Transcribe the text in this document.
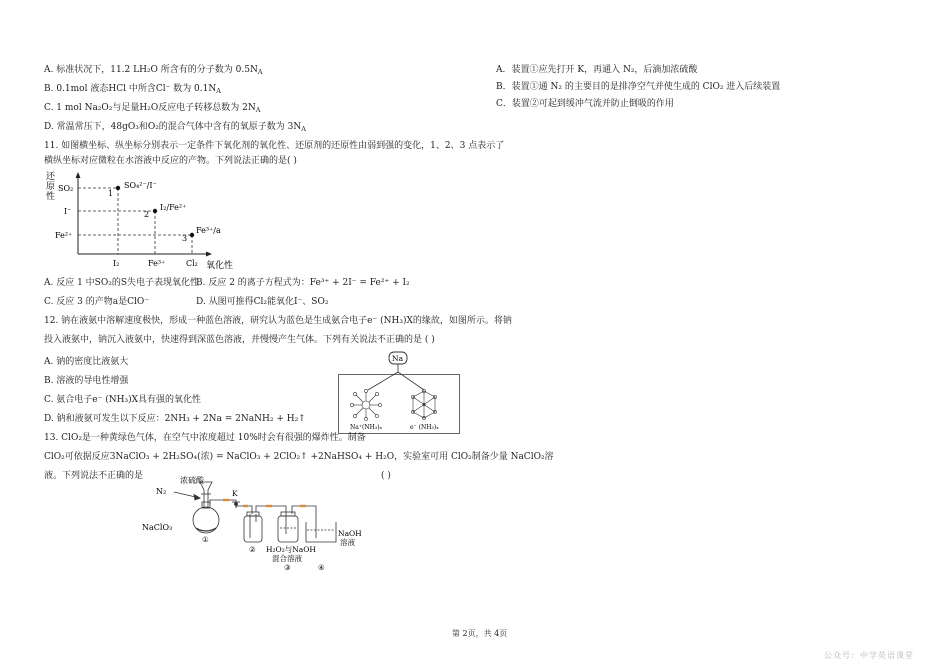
A. 标准状况下，11.2 LH₂O 所含有的分子数为 $0.5N_A$
B. 0.1mol 液态HCl 中所含Cl⁻ 数为 $0.1N_A$
C. 1 mol Na₂O₂与足量H₂O反应电子转移总数为 $2N_A$
D. 常温常压下，48gO₃和O₂的混合气体中含有的氧原子数为 $3N_A$
11. 如图横坐标、纵坐标分别表示一定条件下氧化剂的氧化性、还原剂的还原性由弱到强的变化，1、2、3 点表示了
横纵坐标对应微粒在水溶液中反应的产物。下列说法正确的是( )
还原性	1
2
3
SO₄²⁻/I⁻
I₂/Fe²⁺
Fe³⁺/a
SO₂
I⁻
Fe²⁺
I₂	Fe³⁺	Cl₂ 氧化性
A. 反应 1 中SO₂的S失电子表现氧化性
B. 反应 2 的离子方程式为：Fe³⁺ + 2I⁻ = Fe²⁺ + I₂
C. 反应 3 的产物a是ClO⁻	D. 从图可推得Cl₂能氧化I⁻、SO₂
12. 钠在液氨中溶解速度极快，形成一种蓝色溶液，研究认为蓝色是生成氨合电子e⁻ (NH₃)X的缘故，如图所示。将钠
投入液氨中，钠沉入液氨中，快速得到深蓝色溶液，并慢慢产生气体。下列有关说法不正确的是 ( )
A. 钠的密度比液氨大
B. 溶液的导电性增强
C. 氨合电子e⁻ (NH₃)X具有强的氧化性
D. 钠和液氨可发生以下反应：2NH₃ + 2Na = 2NaNH₂ + H₂↑
Na
Na⁺(NH₃)ₓ	e⁻ (NH₃)ₓ
13. ClO₂是一种黄绿色气体，在空气中浓度超过 10%时会有很强的爆炸性。制备
ClO₂可依据反应3NaClO₃ + 2H₂SO₄(浓) = NaClO₃ + 2ClO₂↑ +2NaHSO₄ + H₂O，实验室可用 ClO₂制备少量 NaClO₂溶
液。下列说法不正确的是	( )
浓硫酸
N₂	K
NaClO₃
①
② H₂O₂与NaOH
混合溶液
③	④
NaOH
溶液
A．装置①应先打开 K，再通入 N₂，后滴加浓硫酸
B．装置①通 N₂ 的主要目的是排净空气并使生成的 ClO₂ 进入后续装置
C．装置②可起到缓冲气流并防止倒吸的作用
第 2页，共 4页
公众号：中学英语课堂
